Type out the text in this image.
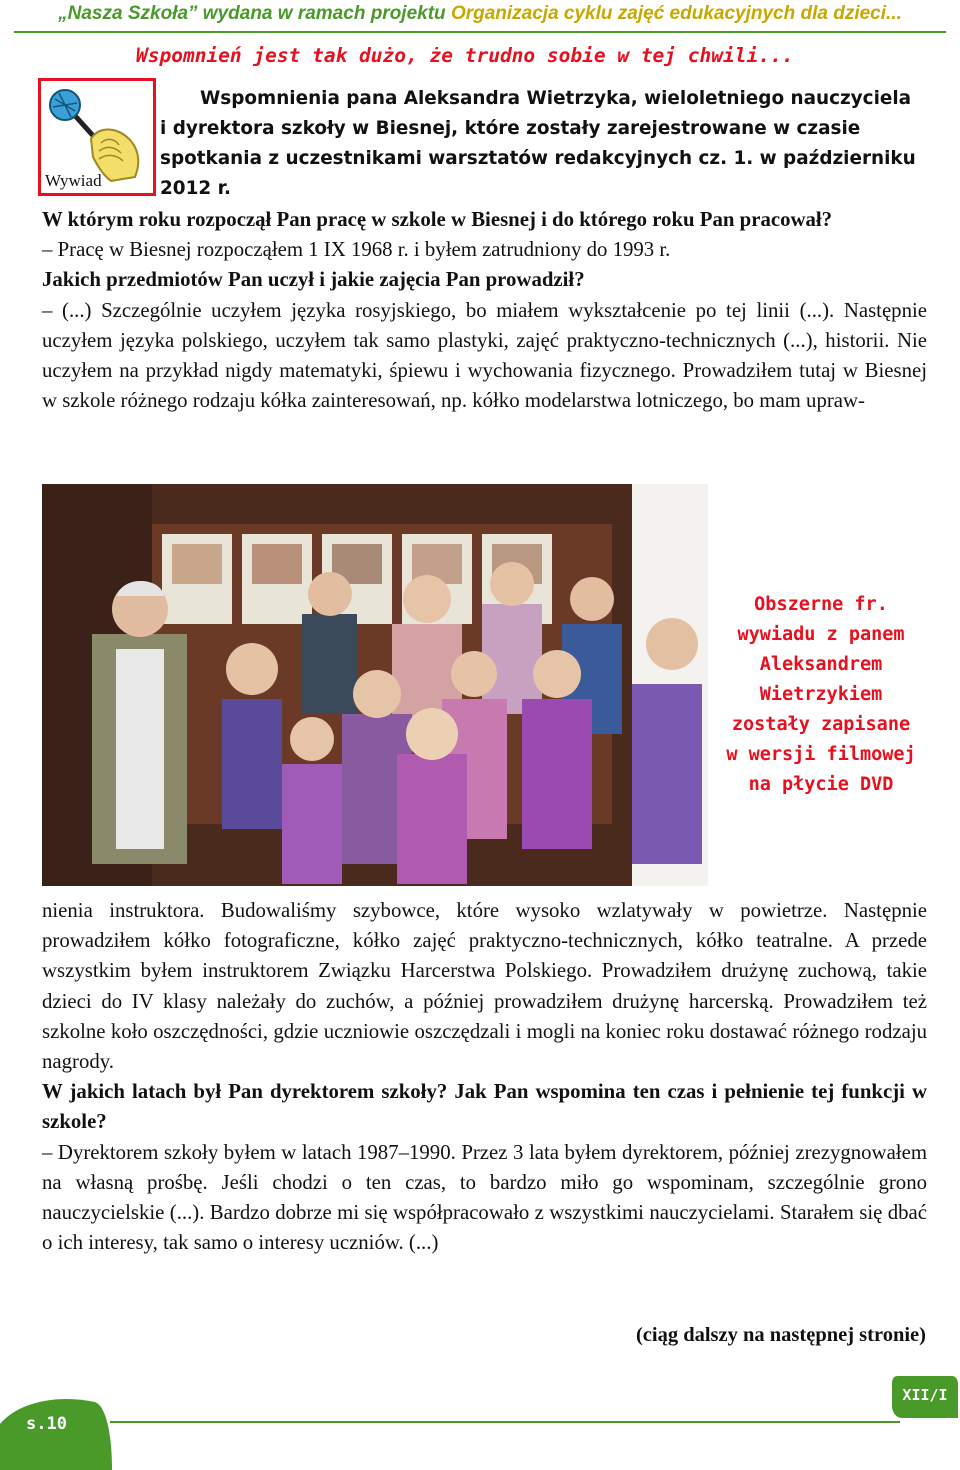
„Nasza Szkoła” wydana w ramach projektu Organizacja cyklu zajęć edukacyjnych dla dzieci...
Wspomnień jest tak dużo, że trudno sobie w tej chwili...
Wywiad

Wspomnienia pana Aleksandra Wietrzyka, wieloletniego nauczyciela

i dyrektora szkoły w Biesnej, które zostały zarejestrowane w czasie

spotkania z uczestnikami warsztatów redakcyjnych cz. 1. w październiku

2012 r.

W którym roku rozpoczął Pan pracę w szkole w Biesnej i do którego roku Pan pracował?

– Pracę w Biesnej rozpocząłem 1 IX 1968 r. i byłem zatrudniony do 1993 r.

Jakich przedmiotów Pan uczył i jakie zajęcia Pan prowadził?

– (...) Szczególnie uczyłem języka rosyjskiego, bo miałem wykształcenie po tej linii (...). Następnie uczyłem języka polskiego, uczyłem tak samo plastyki, zajęć praktyczno-technicznych (...), historii. Nie uczyłem na przykład nigdy matematyki, śpiewu i wychowania fizycznego. Prowadziłem tutaj w Biesnej w szkole różnego rodzaju kółka zainteresowań, np. kółko modelarstwa lotniczego, bo mam upraw-

Obszerne fr.
wywiadu z panem
Aleksandrem
Wietrzykiem
zostały zapisane
w wersji filmowej
na płycie DVD

nienia instruktora. Budowaliśmy szybowce, które wysoko wzlatywały w powietrze. Następnie prowadziłem kółko fotograficzne, kółko zajęć praktyczno-technicznych, kółko teatralne. A przede wszystkim byłem instruktorem Związku Harcerstwa Polskiego. Prowadziłem drużynę zuchową, takie dzieci do IV klasy należały do zuchów, a później prowadziłem drużynę harcerską. Prowadziłem też szkolne koło oszczędności, gdzie uczniowie oszczędzali i mogli na koniec roku dostawać różnego rodzaju nagrody.

W jakich latach był Pan dyrektorem szkoły? Jak Pan wspomina ten czas i pełnienie tej funkcji w szkole?

– Dyrektorem szkoły byłem w latach 1987–1990. Przez 3 lata byłem dyrektorem, później zrezygnowałem na własną prośbę. Jeśli chodzi o ten czas, to bardzo miło go wspominam, szczególnie grono nauczycielskie (...). Bardzo dobrze mi się współpracowało z wszystkimi nauczycielami. Starałem się dbać o ich interesy, tak samo o interesy uczniów. (...)

(ciąg dalszy na następnej stronie)
s.10
XII/I
